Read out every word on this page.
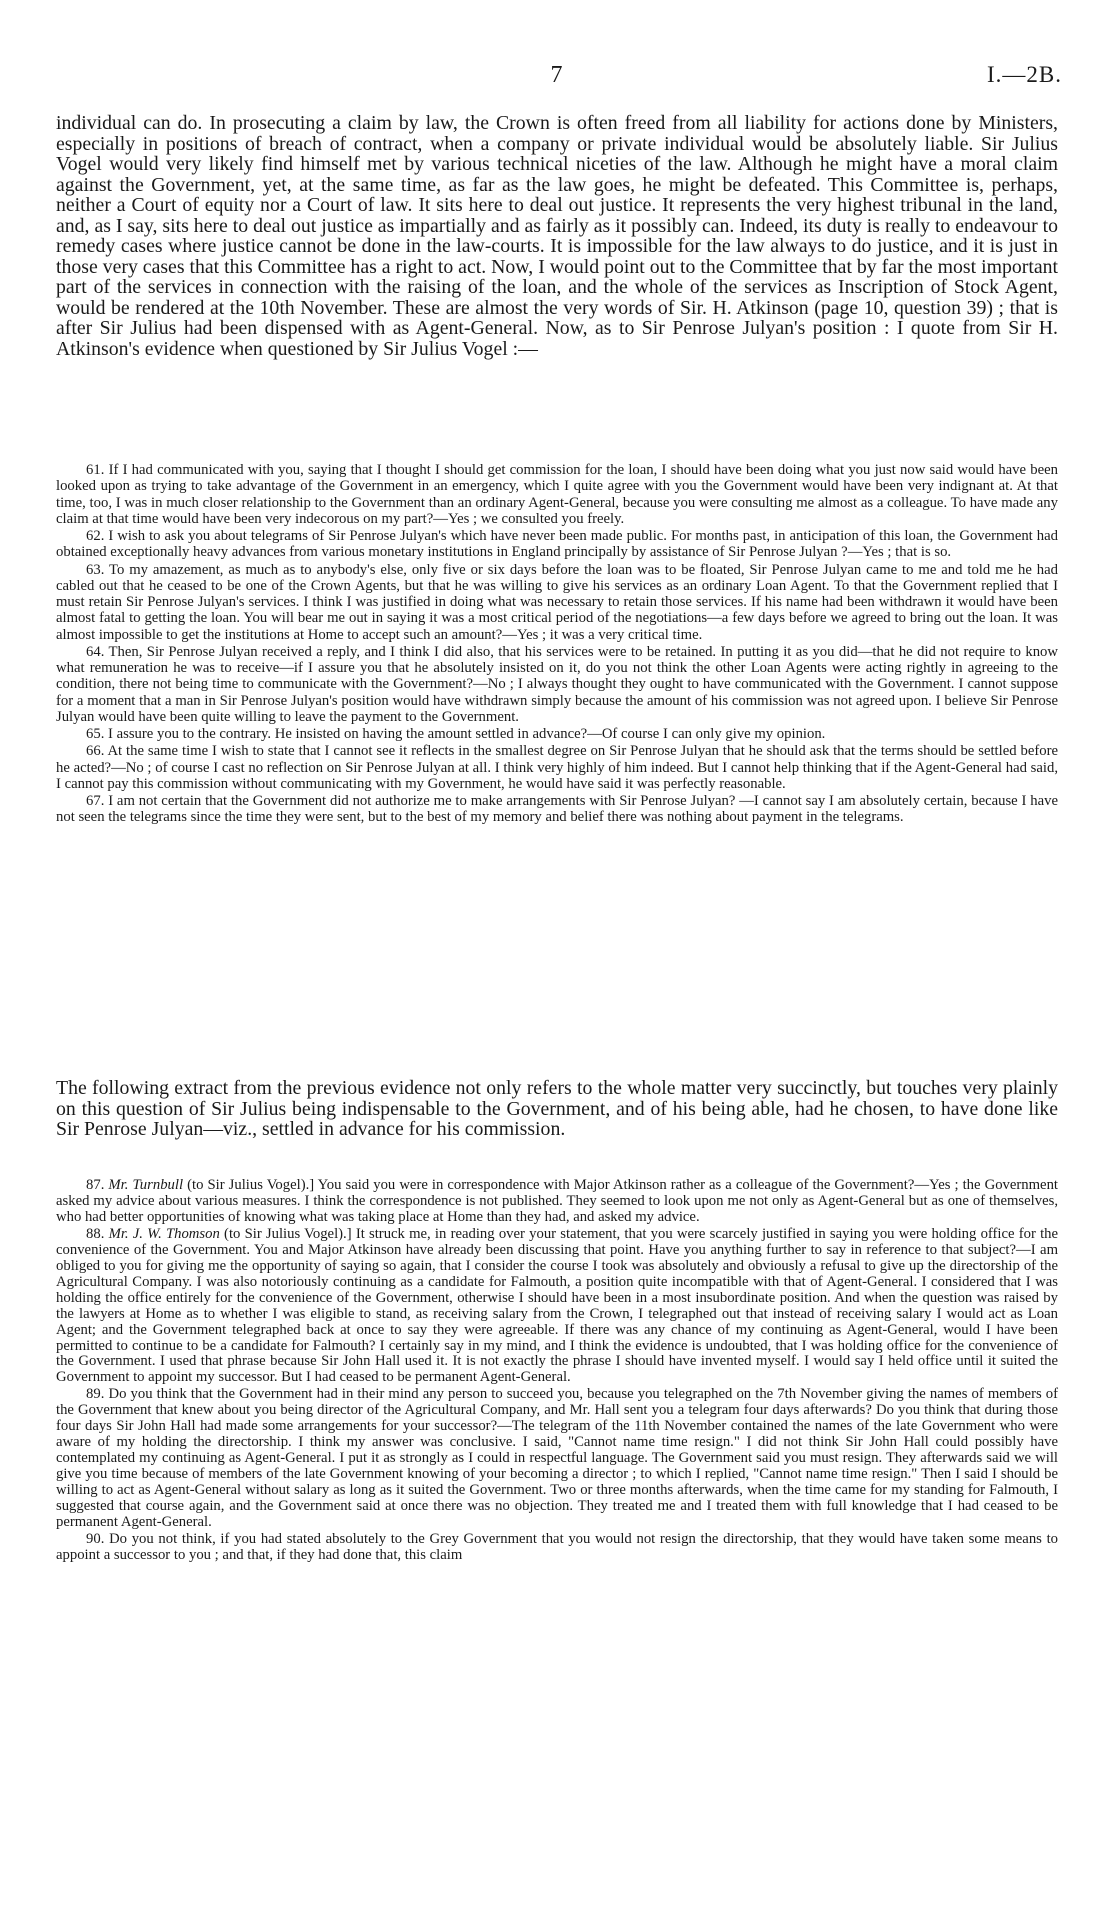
7	I.—2B.

individual can do. In prosecuting a claim by law, the Crown is often freed from all liability for actions done by Ministers, especially in positions of breach of contract, when a company or private individual would be absolutely liable. Sir Julius Vogel would very likely find himself met by various technical niceties of the law. Although he might have a moral claim against the Government, yet, at the same time, as far as the law goes, he might be defeated. This Committee is, perhaps, neither a Court of equity nor a Court of law. It sits here to deal out justice. It represents the very highest tribunal in the land, and, as I say, sits here to deal out justice as impartially and as fairly as it possibly can. Indeed, its duty is really to endeavour to remedy cases where justice cannot be done in the law-courts. It is impossible for the law always to do justice, and it is just in those very cases that this Committee has a right to act. Now, I would point out to the Committee that by far the most important part of the services in connection with the raising of the loan, and the whole of the services as Inscription of Stock Agent, would be rendered at the 10th November. These are almost the very words of Sir. H. Atkinson (page 10, question 39) ; that is after Sir Julius had been dispensed with as Agent-General. Now, as to Sir Penrose Julyan's position : I quote from Sir H. Atkinson's evidence when questioned by Sir Julius Vogel :—

61. If I had communicated with you, saying that I thought I should get commission for the loan, I should have been doing what you just now said would have been looked upon as trying to take advantage of the Government in an emergency, which I quite agree with you the Government would have been very indignant at. At that time, too, I was in much closer relationship to the Government than an ordinary Agent-General, because you were consulting me almost as a colleague. To have made any claim at that time would have been very indecorous on my part?—Yes ; we consulted you freely.

62. I wish to ask you about telegrams of Sir Penrose Julyan's which have never been made public. For months past, in anticipation of this loan, the Government had obtained exceptionally heavy advances from various monetary institutions in England principally by assistance of Sir Penrose Julyan ?—Yes ; that is so.

63. To my amazement, as much as to anybody's else, only five or six days before the loan was to be floated, Sir Penrose Julyan came to me and told me he had cabled out that he ceased to be one of the Crown Agents, but that he was willing to give his services as an ordinary Loan Agent. To that the Government replied that I must retain Sir Penrose Julyan's services. I think I was justified in doing what was necessary to retain those services. If his name had been withdrawn it would have been almost fatal to getting the loan. You will bear me out in saying it was a most critical period of the negotiations—a few days before we agreed to bring out the loan. It was almost impossible to get the institutions at Home to accept such an amount?—Yes ; it was a very critical time.

64. Then, Sir Penrose Julyan received a reply, and I think I did also, that his services were to be retained. In putting it as you did—that he did not require to know what remuneration he was to receive—if I assure you that he absolutely insisted on it, do you not think the other Loan Agents were acting rightly in agreeing to the condition, there not being time to communicate with the Government?—No ; I always thought they ought to have communicated with the Government. I cannot suppose for a moment that a man in Sir Penrose Julyan's position would have withdrawn simply because the amount of his commission was not agreed upon. I believe Sir Penrose Julyan would have been quite willing to leave the payment to the Government.

65. I assure you to the contrary. He insisted on having the amount settled in advance?—Of course I can only give my opinion.

66. At the same time I wish to state that I cannot see it reflects in the smallest degree on Sir Penrose Julyan that he should ask that the terms should be settled before he acted?—No ; of course I cast no reflection on Sir Penrose Julyan at all. I think very highly of him indeed. But I cannot help thinking that if the Agent-General had said, I cannot pay this commission without communicating with my Government, he would have said it was perfectly reasonable.

67. I am not certain that the Government did not authorize me to make arrangements with Sir Penrose Julyan? —I cannot say I am absolutely certain, because I have not seen the telegrams since the time they were sent, but to the best of my memory and belief there was nothing about payment in the telegrams.

The following extract from the previous evidence not only refers to the whole matter very succinctly, but touches very plainly on this question of Sir Julius being indispensable to the Government, and of his being able, had he chosen, to have done like Sir Penrose Julyan—viz., settled in advance for his commission.

87. Mr. Turnbull (to Sir Julius Vogel).] You said you were in correspondence with Major Atkinson rather as a colleague of the Government?—Yes ; the Government asked my advice about various measures. I think the correspondence is not published. They seemed to look upon me not only as Agent-General but as one of themselves, who had better opportunities of knowing what was taking place at Home than they had, and asked my advice.

88. Mr. J. W. Thomson (to Sir Julius Vogel).] It struck me, in reading over your statement, that you were scarcely justified in saying you were holding office for the convenience of the Government. You and Major Atkinson have already been discussing that point. Have you anything further to say in reference to that subject?—I am obliged to you for giving me the opportunity of saying so again, that I consider the course I took was absolutely and obviously a refusal to give up the directorship of the Agricultural Company. I was also notoriously continuing as a candidate for Falmouth, a position quite incompatible with that of Agent-General. I considered that I was holding the office entirely for the convenience of the Government, otherwise I should have been in a most insubordinate position. And when the question was raised by the lawyers at Home as to whether I was eligible to stand, as receiving salary from the Crown, I telegraphed out that instead of receiving salary I would act as Loan Agent; and the Government telegraphed back at once to say they were agreeable. If there was any chance of my continuing as Agent-General, would I have been permitted to continue to be a candidate for Falmouth? I certainly say in my mind, and I think the evidence is undoubted, that I was holding office for the convenience of the Government. I used that phrase because Sir John Hall used it. It is not exactly the phrase I should have invented myself. I would say I held office until it suited the Government to appoint my successor. But I had ceased to be permanent Agent-General.

89. Do you think that the Government had in their mind any person to succeed you, because you telegraphed on the 7th November giving the names of members of the Government that knew about you being director of the Agricultural Company, and Mr. Hall sent you a telegram four days afterwards? Do you think that during those four days Sir John Hall had made some arrangements for your successor?—The telegram of the 11th November contained the names of the late Government who were aware of my holding the directorship. I think my answer was conclusive. I said, "Cannot name time resign." I did not think Sir John Hall could possibly have contemplated my continuing as Agent-General. I put it as strongly as I could in respectful language. The Government said you must resign. They afterwards said we will give you time because of members of the late Government knowing of your becoming a director ; to which I replied, "Cannot name time resign." Then I said I should be willing to act as Agent-General without salary as long as it suited the Government. Two or three months afterwards, when the time came for my standing for Falmouth, I suggested that course again, and the Government said at once there was no objection. They treated me and I treated them with full knowledge that I had ceased to be permanent Agent-General.

90. Do you not think, if you had stated absolutely to the Grey Government that you would not resign the directorship, that they would have taken some means to appoint a successor to you ; and that, if they had done that, this claim
